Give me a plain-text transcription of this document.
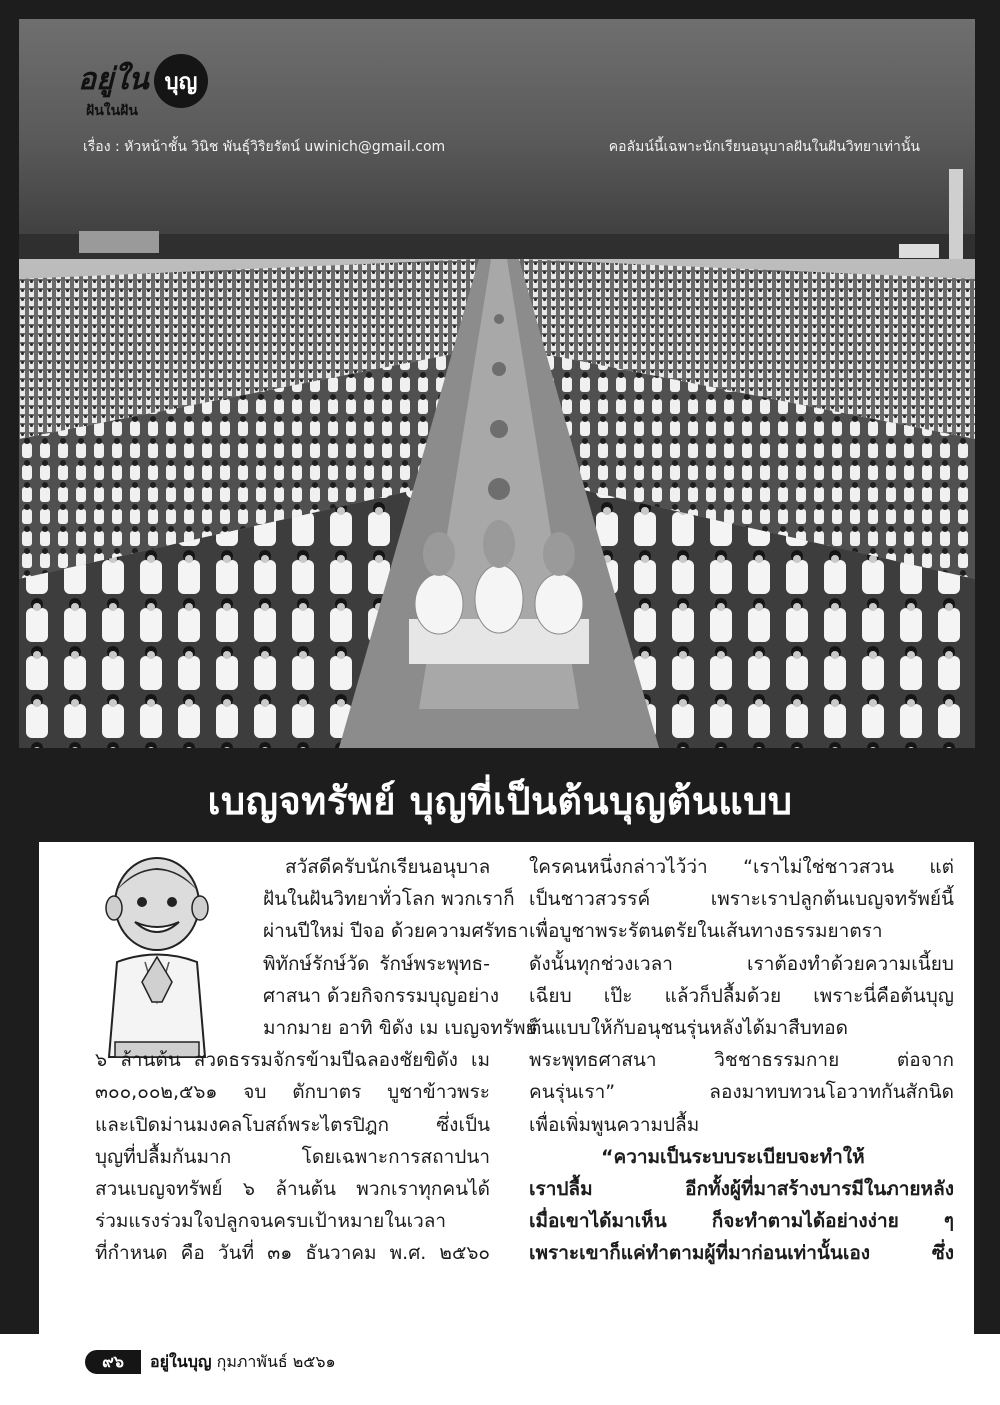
อยู่ใน บุญ
ฝันในฝัน
เรื่อง : หัวหน้าชั้น วินิช พันธุ์วิริยรัตน์ uwinich@gmail.com	คอลัมน์นี้เฉพาะนักเรียนอนุบาลฝันในฝันวิทยาเท่านั้น
เบญจทรัพย์ บุญที่เป็นต้นบุญต้นแบบ
สวัสดีครับนักเรียนอนุบาล
ฝันในฝันวิทยาทั่วโลก พวกเราก็
ผ่านปีใหม่ ปีจอ ด้วยความศรัทธา
พิทักษ์รักษ์วัด รักษ์พระพุทธ-
ศาสนา ด้วยกิจกรรมบุญอย่าง
มากมาย อาทิ ขิดัง เม เบญจทรัพย์
๖ ล้านต้น สวดธรรมจักรข้ามปีฉลองชัยขิดัง เม
๓๐๐,๐๐๒,๕๖๑ จบ ตักบาตร บูชาข้าวพระ
และเปิดม่านมงคลโบสถ์พระไตรปิฎก ซึ่งเป็น
บุญที่ปลื้มกันมาก โดยเฉพาะการสถาปนา
สวนเบญจทรัพย์ ๖ ล้านต้น พวกเราทุกคนได้
ร่วมแรงร่วมใจปลูกจนครบเป้าหมายในเวลา
ที่กำหนด คือ วันที่ ๓๑ ธันวาคม พ.ศ. ๒๕๖๐
ใครคนหนึ่งกล่าวไว้ว่า “เราไม่ใช่ชาวสวน แต่
เป็นชาวสวรรค์ เพราะเราปลูกต้นเบญจทรัพย์นี้
เพื่อบูชาพระรัตนตรัยในเส้นทางธรรมยาตรา
ดังนั้นทุกช่วงเวลา เราต้องทำด้วยความเนี้ยบ
เฉียบ เป๊ะ แล้วก็ปลื้มด้วย เพราะนี่คือต้นบุญ
ต้นแบบให้กับอนุชนรุ่นหลังได้มาสืบทอด
พระพุทธศาสนา วิชชาธรรมกาย ต่อจาก
คนรุ่นเรา” ลองมาทบทวนโอวาทกันสักนิด
เพื่อเพิ่มพูนความปลื้ม
“ความเป็นระบบระเบียบจะทำให้
เราปลื้ม อีกทั้งผู้ที่มาสร้างบารมีในภายหลัง
เมื่อเขาได้มาเห็น ก็จะทำตามได้อย่างง่าย ๆ
เพราะเขาก็แค่ทำตามผู้ที่มาก่อนเท่านั้นเอง ซึ่ง
๙๖	อยู่ในบุญ กุมภาพันธ์ ๒๕๖๑
